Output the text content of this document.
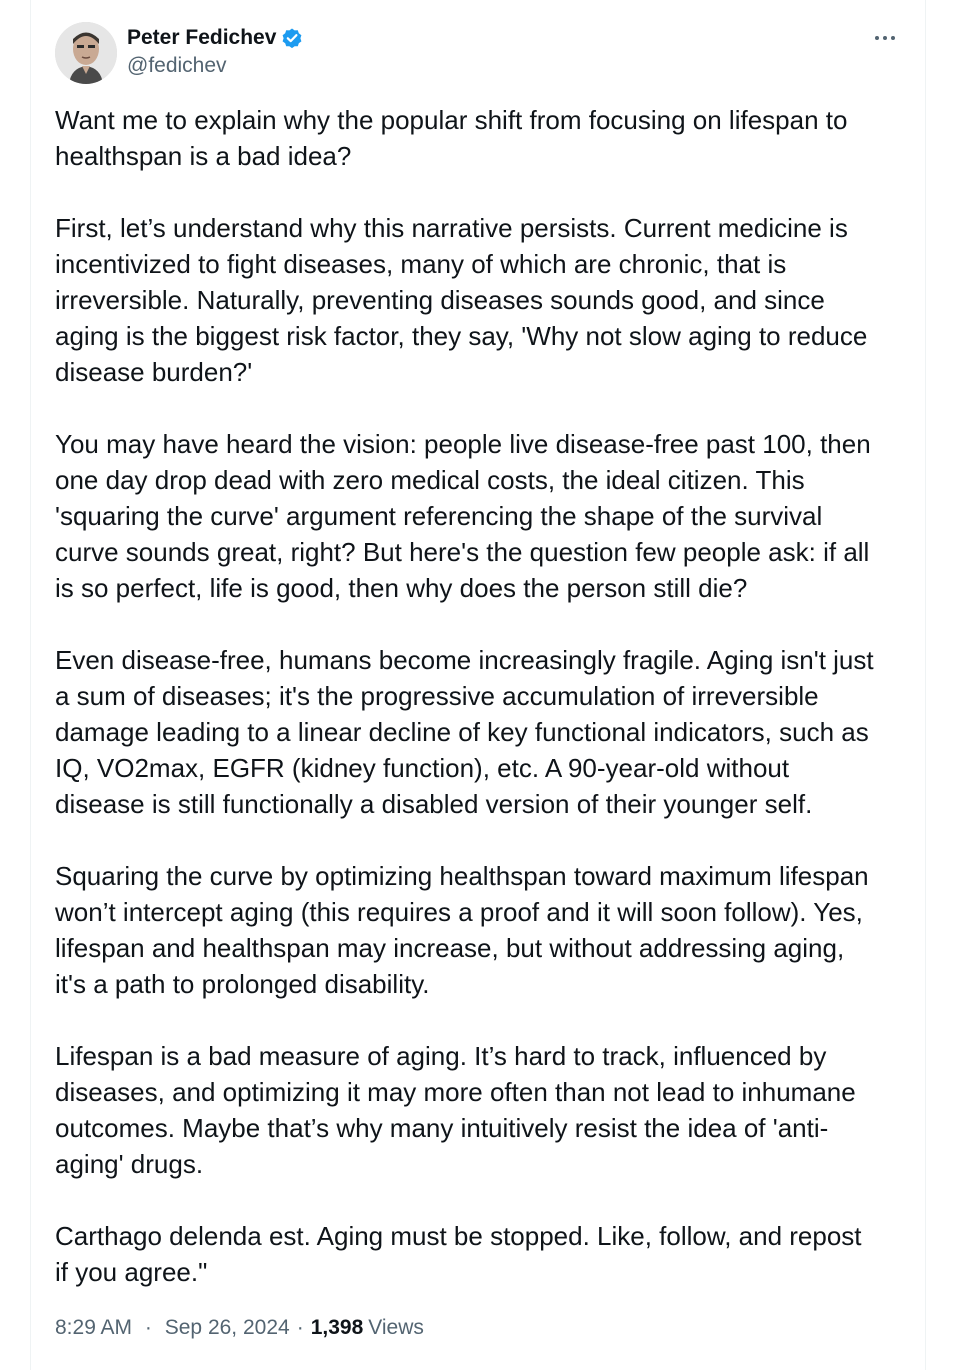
Peter Fedichev
@fedichev

Want me to explain why the popular shift from focusing on lifespan to
healthspan is a bad idea?

First, let’s understand why this narrative persists. Current medicine is
incentivized to fight diseases, many of which are chronic, that is
irreversible. Naturally, preventing diseases sounds good, and since
aging is the biggest risk factor, they say, 'Why not slow aging to reduce
disease burden?'

You may have heard the vision: people live disease-free past 100, then
one day drop dead with zero medical costs, the ideal citizen. This
'squaring the curve' argument referencing the shape of the survival
curve sounds great, right? But here's the question few people ask: if all
is so perfect, life is good, then why does the person still die?

Even disease-free, humans become increasingly fragile. Aging isn't just
a sum of diseases; it's the progressive accumulation of irreversible
damage leading to a linear decline of key functional indicators, such as
IQ, VO2max, EGFR (kidney function), etc. A 90-year-old without
disease is still functionally a disabled version of their younger self.

Squaring the curve by optimizing healthspan toward maximum lifespan
won’t intercept aging (this requires a proof and it will soon follow). Yes,
lifespan and healthspan may increase, but without addressing aging,
it's a path to prolonged disability.

Lifespan is a bad measure of aging. It’s hard to track, influenced by
diseases, and optimizing it may more often than not lead to inhumane
outcomes. Maybe that’s why many intuitively resist the idea of 'anti-
aging' drugs.

Carthago delenda est. Aging must be stopped. Like, follow, and repost
if you agree."

8:29 AM · Sep 26, 2024 · 1,398 Views
